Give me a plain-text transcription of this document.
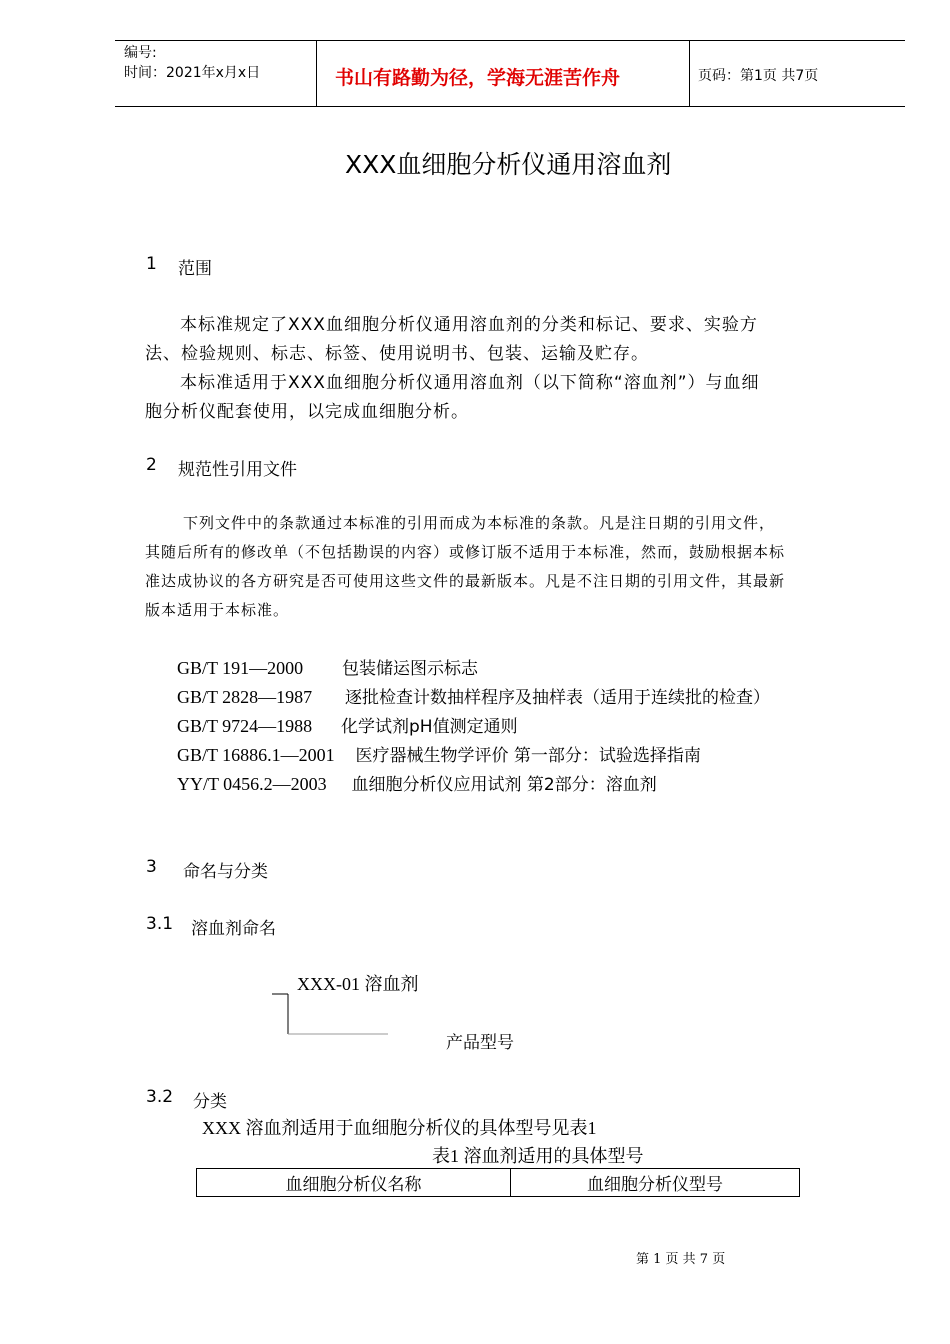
编号:
时间：2021年x月x日	书山有路勤为径，学海无涯苦作舟	页码：第1页 共7页
XXX血细胞分析仪通用溶血剂
1 范围
本标准规定了XXX血细胞分析仪通用溶血剂的分类和标记、要求、实验方
法、检验规则、标志、标签、使用说明书、包装、运输及贮存。
本标准适用于XXX血细胞分析仪通用溶血剂（以下简称“溶血剂”）与血细
胞分析仪配套使用，以完成血细胞分析。
2 规范性引用文件
下列文件中的条款通过本标准的引用而成为本标准的条款。凡是注日期的引用文件，
其随后所有的修改单（不包括勘误的内容）或修订版不适用于本标准，然而，鼓励根据本标
准达成协议的各方研究是否可使用这些文件的最新版本。凡是不注日期的引用文件，其最新
版本适用于本标准。
GB/T 191—2000 包装储运图示标志
GB/T 2828—1987 逐批检查计数抽样程序及抽样表（适用于连续批的检查）
GB/T 9724—1988 化学试剂pH值测定通则
GB/T 16886.1—2001 医疗器械生物学评价 第一部分：试验选择指南
YY/T 0456.2—2003 血细胞分析仪应用试剂 第2部分：溶血剂
3 命名与分类
3.1 溶血剂命名
XXX-01 溶血剂
产品型号
3.2 分类
XXX 溶血剂适用于血细胞分析仪的具体型号见表1
表1 溶血剂适用的具体型号
血细胞分析仪名称	血细胞分析仪型号
第 1 页 共 7 页
